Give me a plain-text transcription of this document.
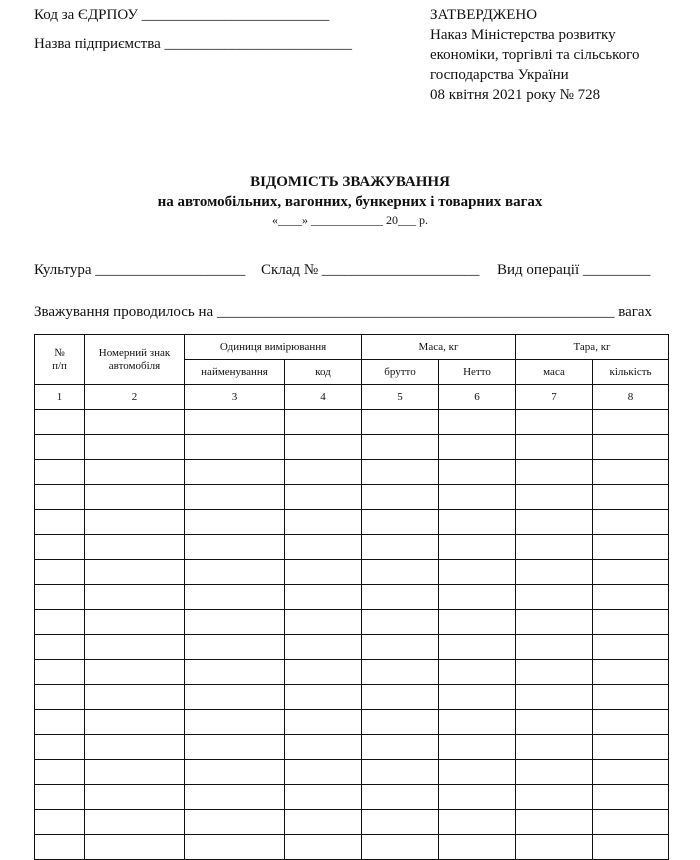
Код за ЄДРПОУ _________________________
Назва підприємства _________________________
ЗАТВЕРДЖЕНО
Наказ Міністерства розвитку
економіки, торгівлі та сільського
господарства України
08 квітня 2021 року № 728
ВІДОМІСТЬ ЗВАЖУВАННЯ
на автомобільних, вагонних, бункерних і товарних вагах
«____» ____________ 20___ р.
Культура ____________________ Склад № _____________________ Вид операції _________
Зважування проводилось на _____________________________________________________ вагах
№
п/п	Номерний знак автомобіля	Одиниця вимірювання		Маса, кг		Тара, кг	
		найменування	код	брутто	Нетто	маса	кількість
1	2	3	4	5	6	7	8
